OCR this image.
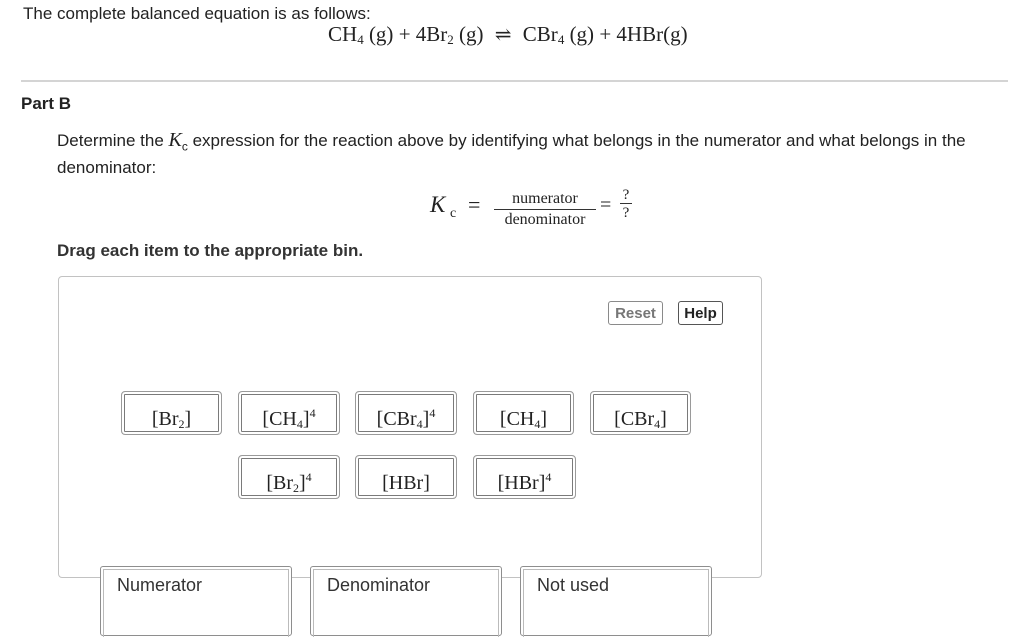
The complete balanced equation is as follows:
$CH_4$ $(g) + 4Br_2$ (g) ⇌ CBr$_4$ (g) + 4HBr(g)
Part B
Determine the $K_c$ expression for the reaction above by identifying what belongs in the numerator and what belongs in the denominator:
K c =	numerator
denominator
= ?
?
Drag each item to the appropriate bin.
Reset	Help
$[Br_2]$	$[CH_4]^4$	$[CBr_4]^4$	$[CH_4]$	[CBr$_4$]
$[Br_2]^4$	[HBr]	[HBr]$^4$
Numerator	Denominator	Not used
